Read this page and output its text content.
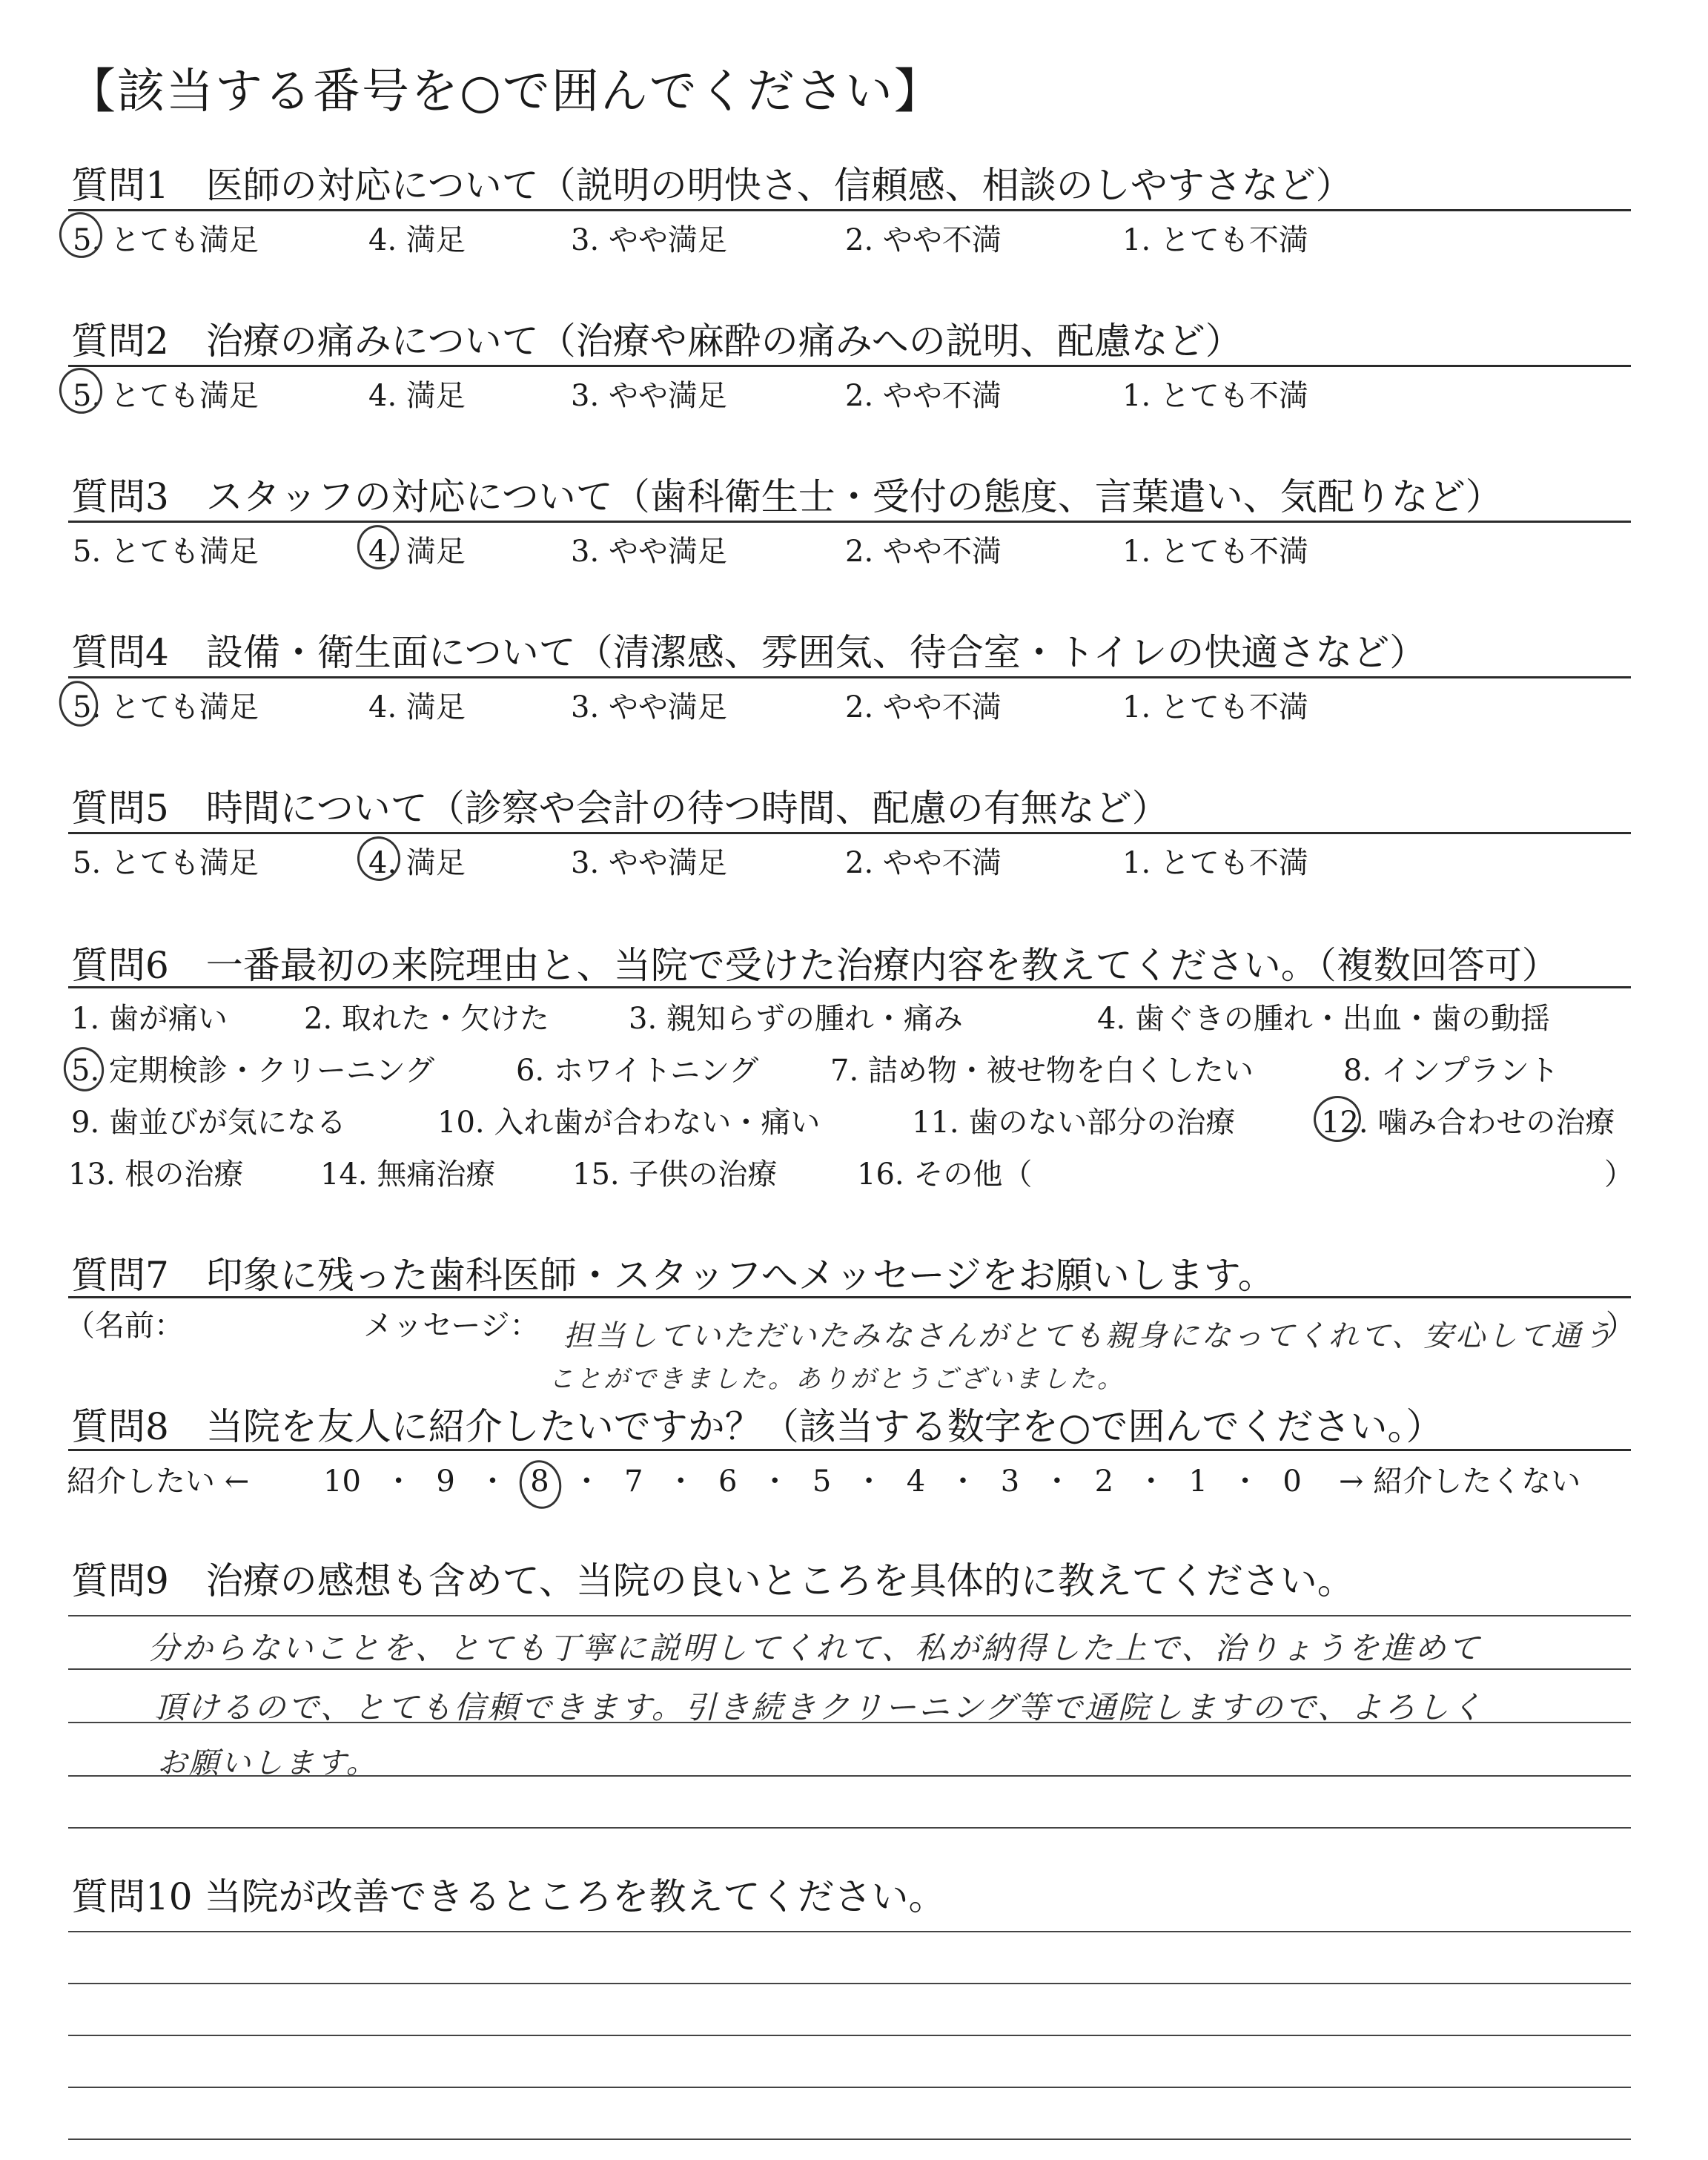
【該当する番号を○で囲んでください】
質問1　医師の対応について（説明の明快さ、信頼感、相談のしやすさなど）
5. とても満足	4. 満足	3. やや満足	2. やや不満	1. とても不満
質問2　治療の痛みについて（治療や麻酔の痛みへの説明、配慮など）
5. とても満足	4. 満足	3. やや満足	2. やや不満	1. とても不満
質問3　スタッフの対応について（歯科衛生士・受付の態度、言葉遣い、気配りなど）
5. とても満足	4. 満足	3. やや満足	2. やや不満	1. とても不満
質問4　設備・衛生面について（清潔感、雰囲気、待合室・トイレの快適さなど）
5. とても満足	4. 満足	3. やや満足	2. やや不満	1. とても不満
質問5　時間について（診察や会計の待つ時間、配慮の有無など）
5. とても満足	4. 満足	3. やや満足	2. やや不満	1. とても不満
質問6　一番最初の来院理由と、当院で受けた治療内容を教えてください。（複数回答可）
1. 歯が痛い	2. 取れた・欠けた	3. 親知らずの腫れ・痛み	4. 歯ぐきの腫れ・出血・歯の動揺
5. 定期検診・クリーニング	6. ホワイトニング 7. 詰め物・被せ物を白くしたい	8. インプラント
9. 歯並びが気になる	10. 入れ歯が合わない・痛い	11. 歯のない部分の治療	12. 噛み合わせの治療
13. 根の治療	14. 無痛治療	15. 子供の治療	16. その他（	）
質問7　印象に残った歯科医師・スタッフへメッセージをお願いします。
（名前：	メッセージ：	）
担当していただいたみなさんがとても親身になってくれて、安心して通う
ことができました。ありがとうございました。
質問8　当院を友人に紹介したいですか？（該当する数字を○で囲んでください。）
紹介したい ← 10 ・ 9 ・ 8 ・ 7 ・ 6 ・ 5 ・ 4 ・ 3 ・ 2 ・ 1 ・ 0 → 紹介したくない
質問9　治療の感想も含めて、当院の良いところを具体的に教えてください。
分からないことを、とても丁寧に説明してくれて、私が納得した上で、治りょうを進めて
頂けるので、とても信頼できます。引き続きクリーニング等で通院しますので、よろしく
お願いします。
質問10 当院が改善できるところを教えてください。
